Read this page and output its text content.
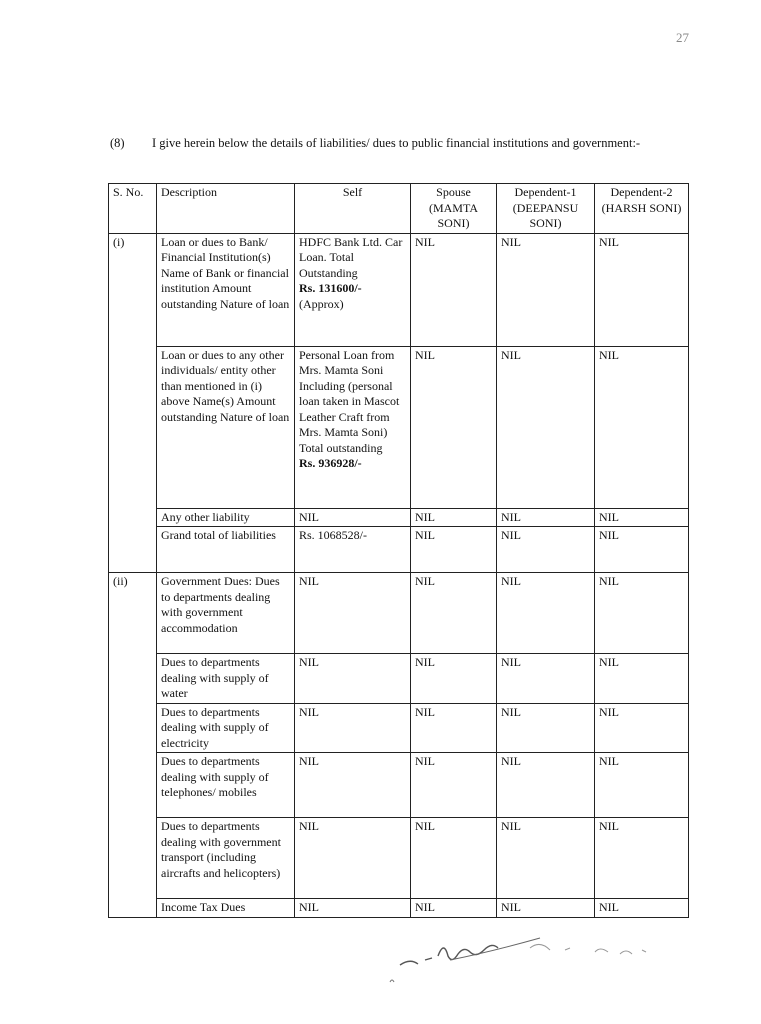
27
(8) I give herein below the details of liabilities/ dues to public financial institutions and government:-
S. No.	Description	Self	Spouse (MAMTA SONI)	Dependent-1 (DEEPANSU SONI)	Dependent-2 (HARSH SONI)
(i)	Loan or dues to Bank/ Financial Institution(s) Name of Bank or financial institution Amount outstanding Nature of loan	HDFC Bank Ltd. Car Loan. Total Outstanding
Rs. 131600/-
(Approx)	NIL	NIL	NIL
	Loan or dues to any other individuals/ entity other than mentioned in (i) above Name(s) Amount outstanding Nature of loan	Personal Loan from Mrs. Mamta Soni Including (personal loan taken in Mascot Leather Craft from Mrs. Mamta Soni) Total outstanding
Rs. 936928/-	NIL	NIL	NIL
	Any other liability	NIL	NIL	NIL	NIL
	Grand total of liabilities	Rs. 1068528/-	NIL	NIL	NIL
(ii)	Government Dues: Dues to departments dealing with government accommodation	NIL	NIL	NIL	NIL
	Dues to departments dealing with supply of water	NIL	NIL	NIL	NIL
	Dues to departments dealing with supply of electricity	NIL	NIL	NIL	NIL
	Dues to departments dealing with supply of telephones/ mobiles	NIL	NIL	NIL	NIL
	Dues to departments dealing with government transport (including aircrafts and helicopters)	NIL	NIL	NIL	NIL
	Income Tax Dues	NIL	NIL	NIL	NIL
